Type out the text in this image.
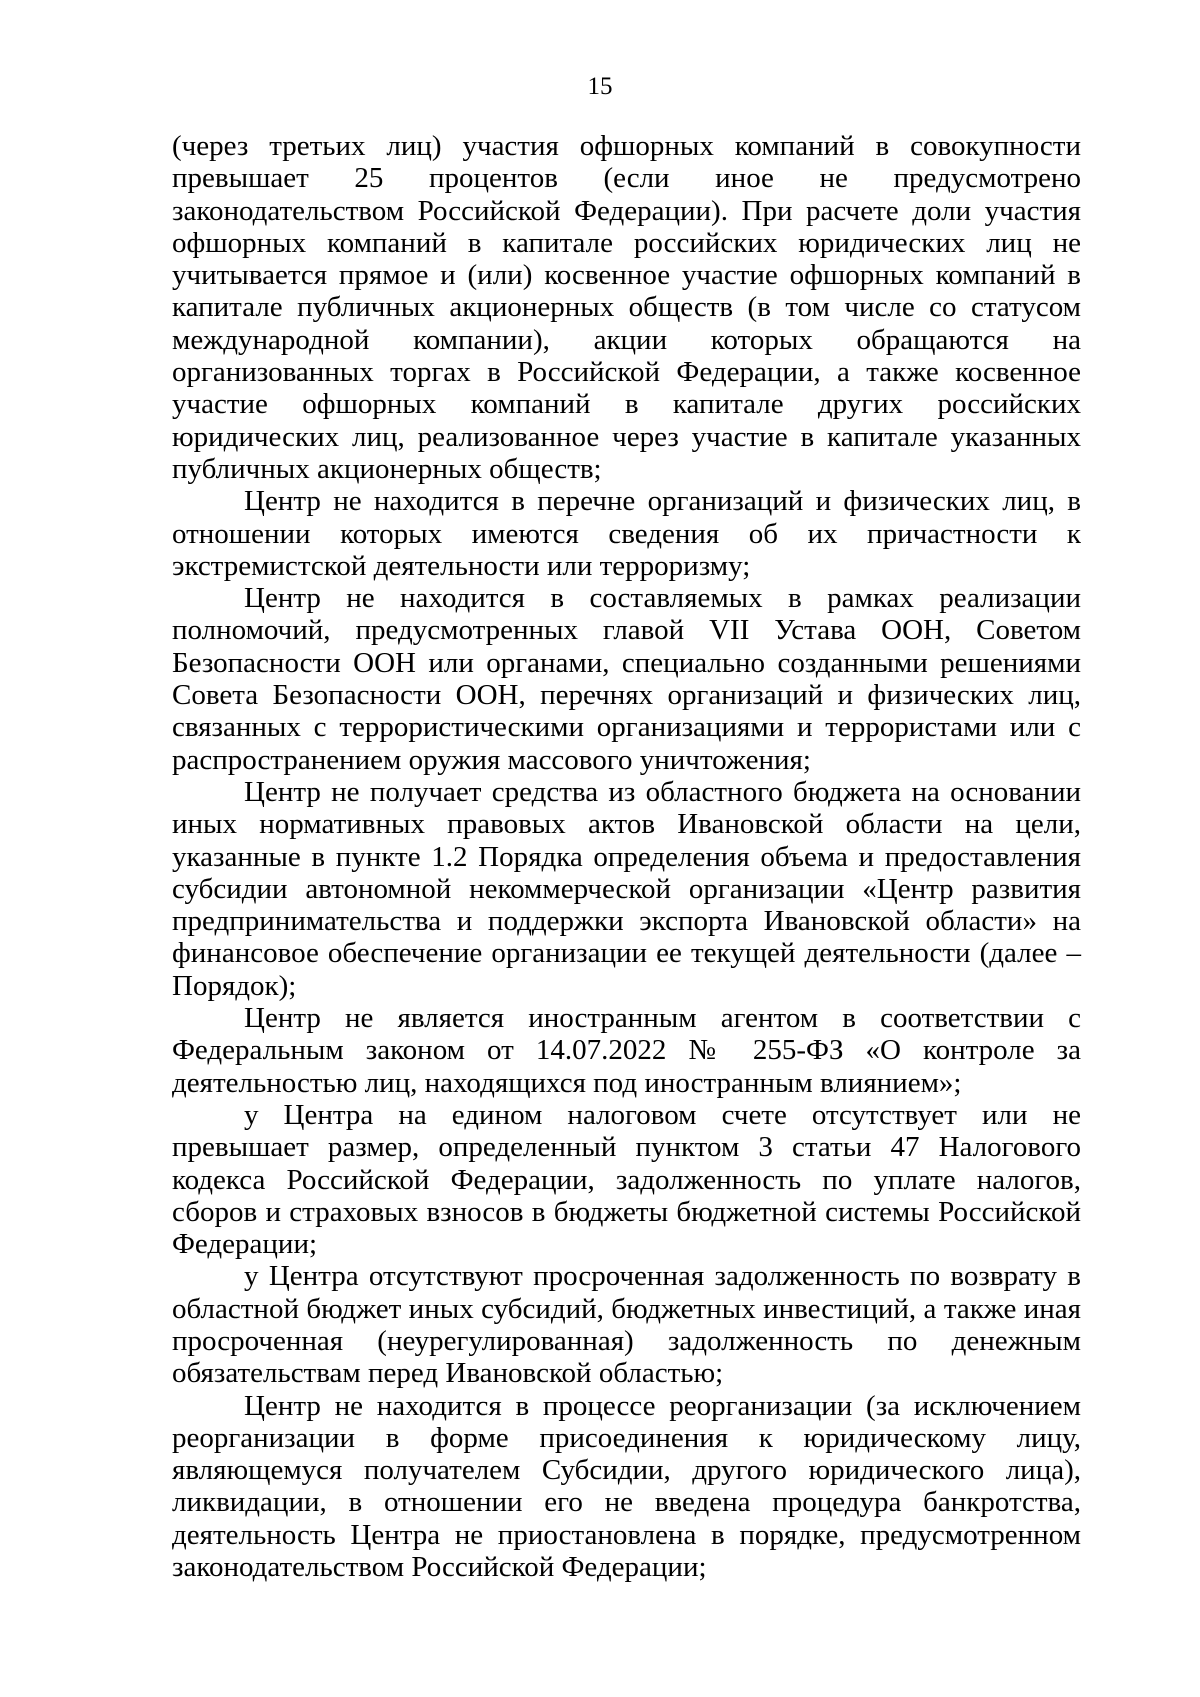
15

(через третьих лиц) участия офшорных компаний в совокупности превышает 25 процентов (если иное не предусмотрено законодательством Российской Федерации). При расчете доли участия офшорных компаний в капитале российских юридических лиц не учитывается прямое и (или) косвенное участие офшорных компаний в капитале публичных акционерных обществ (в том числе со статусом международной компании), акции которых обращаются на организованных торгах в Российской Федерации, а также косвенное участие офшорных компаний в капитале других российских юридических лиц, реализованное через участие в капитале указанных публичных акционерных обществ;

Центр не находится в перечне организаций и физических лиц, в отношении которых имеются сведения об их причастности к экстремистской деятельности или терроризму;

Центр не находится в составляемых в рамках реализации полномочий, предусмотренных главой VII Устава ООН, Советом Безопасности ООН или органами, специально созданными решениями Совета Безопасности ООН, перечнях организаций и физических лиц, связанных с террористическими организациями и террористами или с распространением оружия массового уничтожения;

Центр не получает средства из областного бюджета на основании иных нормативных правовых актов Ивановской области на цели, указанные в пункте 1.2 Порядка определения объема и предоставления субсидии автономной некоммерческой организации «Центр развития предпринимательства и поддержки экспорта Ивановской области» на финансовое обеспечение организации ее текущей деятельности (далее – Порядок);

Центр не является иностранным агентом в соответствии с Федеральным законом от 14.07.2022 № 255-ФЗ «О контроле за деятельностью лиц, находящихся под иностранным влиянием»;

у Центра на едином налоговом счете отсутствует или не превышает размер, определенный пунктом 3 статьи 47 Налогового кодекса Российской Федерации, задолженность по уплате налогов, сборов и страховых взносов в бюджеты бюджетной системы Российской Федерации;

у Центра отсутствуют просроченная задолженность по возврату в областной бюджет иных субсидий, бюджетных инвестиций, а также иная просроченная (неурегулированная) задолженность по денежным обязательствам перед Ивановской областью;

Центр не находится в процессе реорганизации (за исключением реорганизации в форме присоединения к юридическому лицу, являющемуся получателем Субсидии, другого юридического лица), ликвидации, в отношении его не введена процедура банкротства, деятельность Центра не приостановлена в порядке, предусмотренном законодательством Российской Федерации;
